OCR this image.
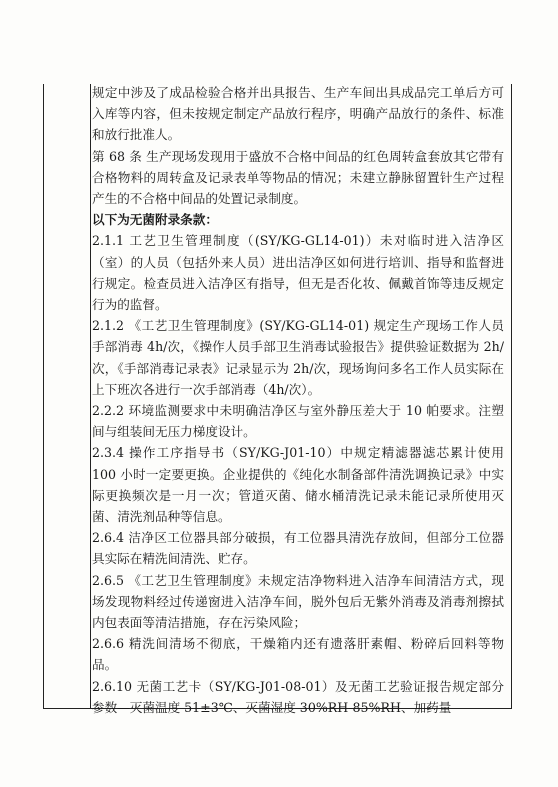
规定中涉及了成品检验合格并出具报告、生产车间出具成品完工单后方可入库等内容，但未按规定制定产品放行程序，明确产品放行的条件、标准和放行批准人。

第 68 条 生产现场发现用于盛放不合格中间品的红色周转盒套放其它带有合格物料的周转盒及记录表单等物品的情况；未建立静脉留置针生产过程产生的不合格中间品的处置记录制度。

以下为无菌附录条款：

2.1.1 工艺卫生管理制度（(SY/KG-GL14-01)）未对临时进入洁净区（室）的人员（包括外来人员）进出洁净区如何进行培训、指导和监督进行规定。检查员进入洁净区有指导，但无是否化妆、佩戴首饰等违反规定行为的监督。

2.1.2 《工艺卫生管理制度》(SY/KG-GL14-01) 规定生产现场工作人员手部消毒 4h/次，《操作人员手部卫生消毒试验报告》提供验证数据为 2h/次，《手部消毒记录表》记录显示为 2h/次，现场询问多名工作人员实际在上下班次各进行一次手部消毒（4h/次）。

2.2.2 环境监测要求中未明确洁净区与室外静压差大于 10 帕要求。注塑间与组装间无压力梯度设计。

2.3.4 操作工序指导书（SY/KG-J01-10）中规定精滤器滤芯累计使用 100 小时一定要更换。企业提供的《纯化水制备部件清洗调换记录》中实际更换频次是一月一次；管道灭菌、储水桶清洗记录未能记录所使用灭菌、清洗剂品种等信息。

2.6.4 洁净区工位器具部分破损，有工位器具清洗存放间，但部分工位器具实际在精洗间清洗、贮存。

2.6.5 《工艺卫生管理制度》未规定洁净物料进入洁净车间清洁方式，现场发现物料经过传递窗进入洁净车间，脱外包后无紫外消毒及消毒剂擦拭内包表面等清洁措施，存在污染风险；

2.6.6 精洗间清场不彻底，干燥箱内还有遗落肝素帽、粉碎后回料等物品。

2.6.10 无菌工艺卡（SY/KG-J01-08-01）及无菌工艺验证报告规定部分参数—灭菌温度 51±3℃、灭菌湿度 30%RH-85%RH、加药量
